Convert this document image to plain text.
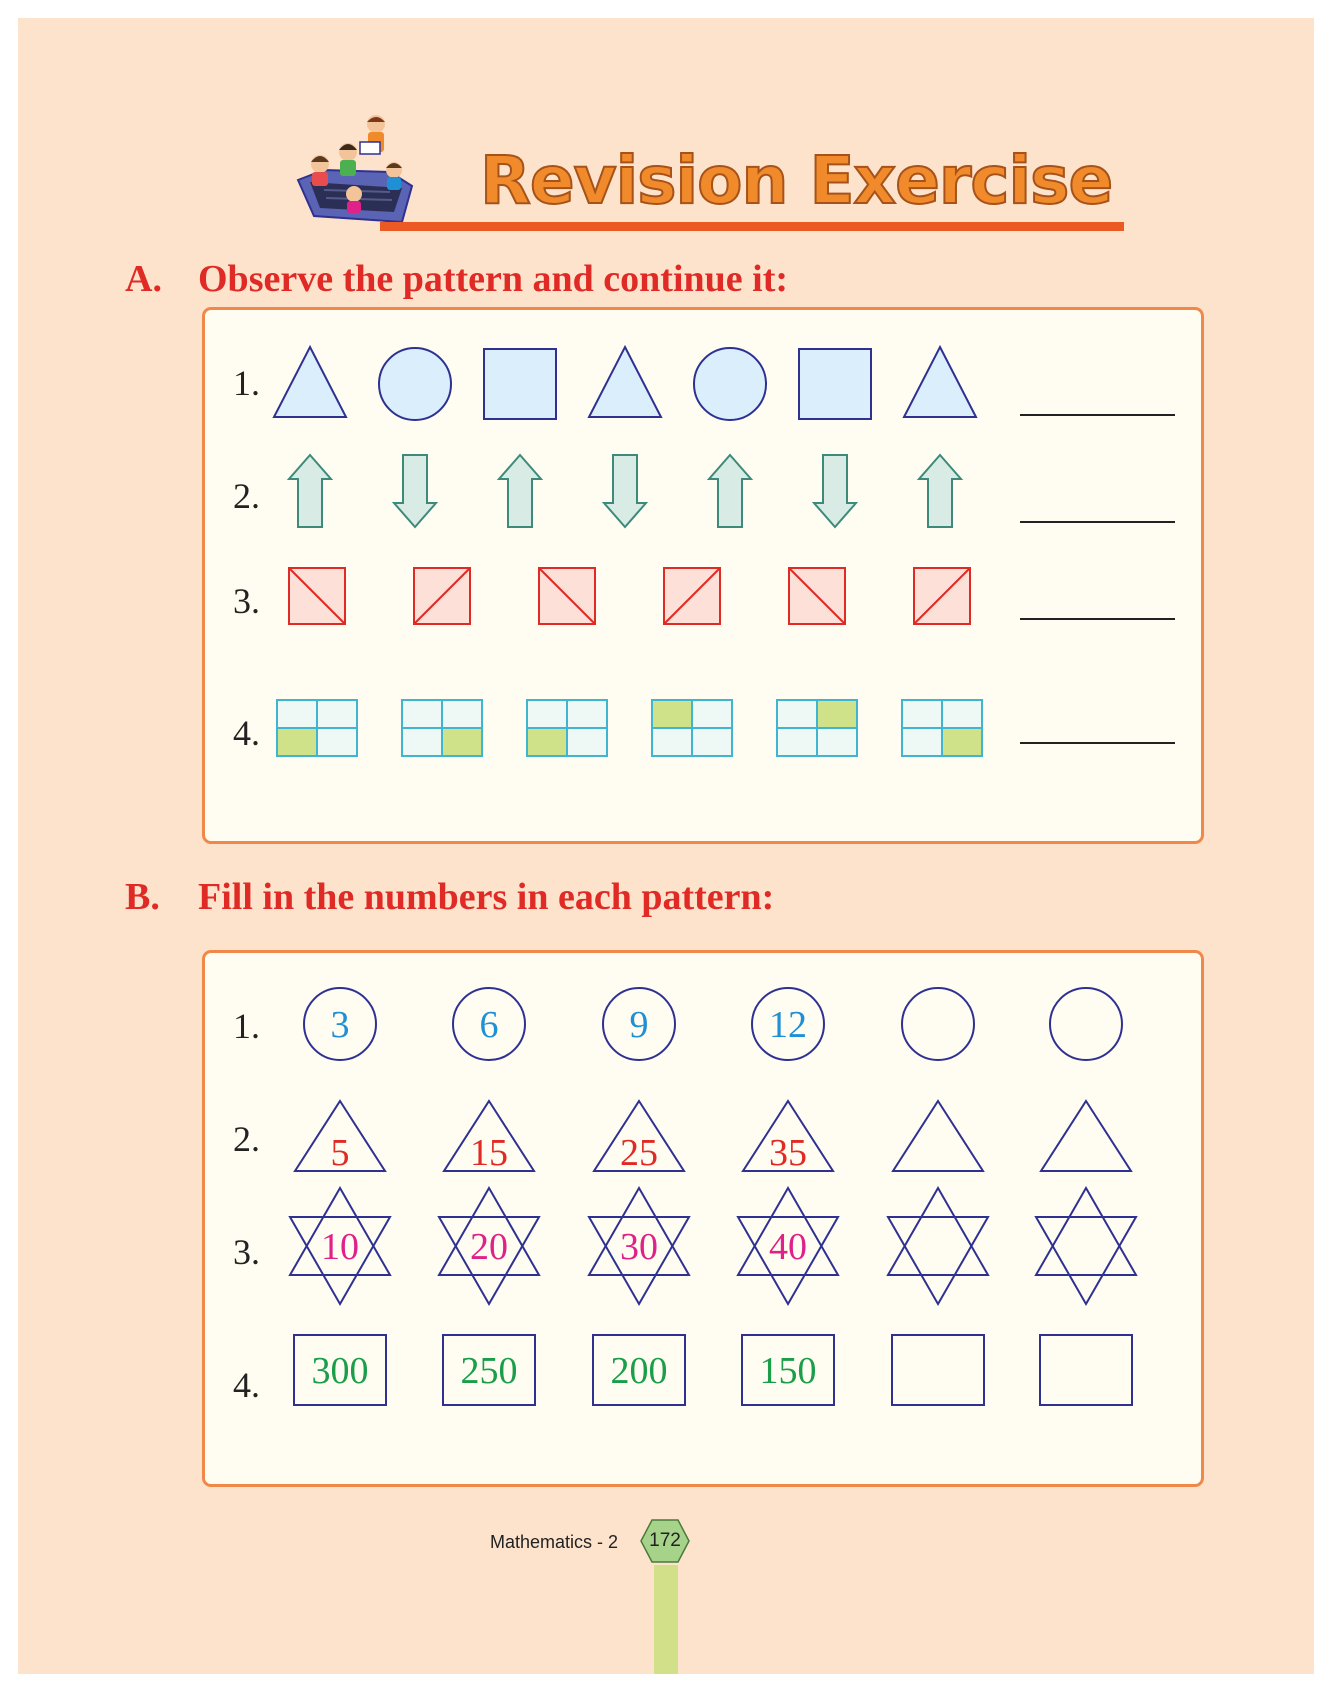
Revision Exercise
A. Observe the pattern and continue it:
1.
2.
3.
4.
B. Fill in the numbers in each pattern:
1.
2.
3.
4.
3	6	9	12
5	15	25	35
10	20	30	40
300 250 200 150
Mathematics - 2	172
